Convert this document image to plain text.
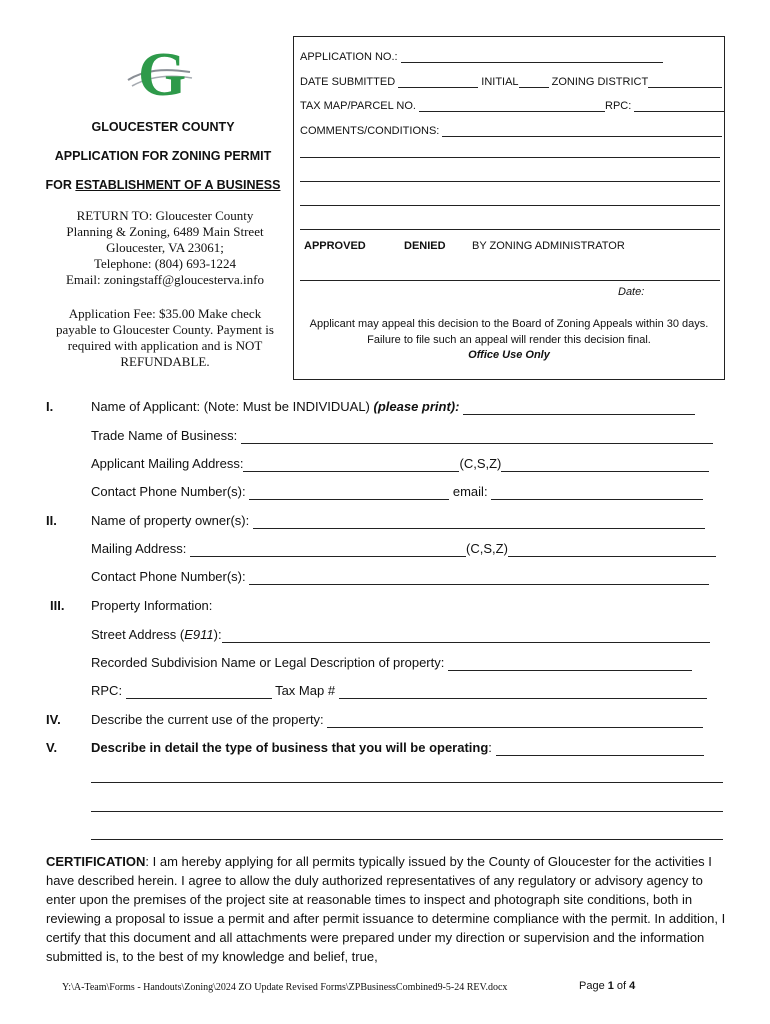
G
GLOUCESTER COUNTY
APPLICATION FOR ZONING PERMIT
FOR ESTABLISHMENT OF A BUSINESS
RETURN TO: Gloucester County
Planning & Zoning, 6489 Main Street
Gloucester, VA 23061;
Telephone: (804) 693-1224
Email: zoningstaff@gloucesterva.info
Application Fee: $35.00 Make check
payable to Gloucester County. Payment is
required with application and is NOT
REFUNDABLE.
APPLICATION NO.:
DATE SUBMITTED	INITIAL	ZONING DISTRICT
TAX MAP/PARCEL NO.	RPC:
COMMENTS/CONDITIONS:
APPROVED	DENIED BY ZONING ADMINISTRATOR
Date:
Applicant may appeal this decision to the Board of Zoning Appeals within 30 days.
Failure to file such an appeal will render this decision final.
Office Use Only
I.	Name of Applicant: (Note: Must be INDIVIDUAL) (please print):
Trade Name of Business:
Applicant Mailing Address:	(C,S,Z)
Contact Phone Number(s):	email:
II.	Name of property owner(s):
Mailing Address:	(C,S,Z)
Contact Phone Number(s):
III. Property Information:
Street Address (E911):
Recorded Subdivision Name or Legal Description of property:
RPC:	Tax Map #
IV. Describe the current use of the property:
V.	Describe in detail the type of business that you will be operating:
CERTIFICATION: I am hereby applying for all permits typically issued by the County of Gloucester for the activities I have described herein. I agree to allow the duly authorized representatives of any regulatory or advisory agency to enter upon the premises of the project site at reasonable times to inspect and photograph site conditions, both in reviewing a proposal to issue a permit and after permit issuance to determine compliance with the permit. In addition, I certify that this document and all attachments were prepared under my direction or supervision and the information submitted is, to the best of my knowledge and belief, true,
Y:\A-Team\Forms - Handouts\Zoning\2024 ZO Update Revised Forms\ZPBusinessCombined9-5-24 REV.docx	Page 1 of 4
